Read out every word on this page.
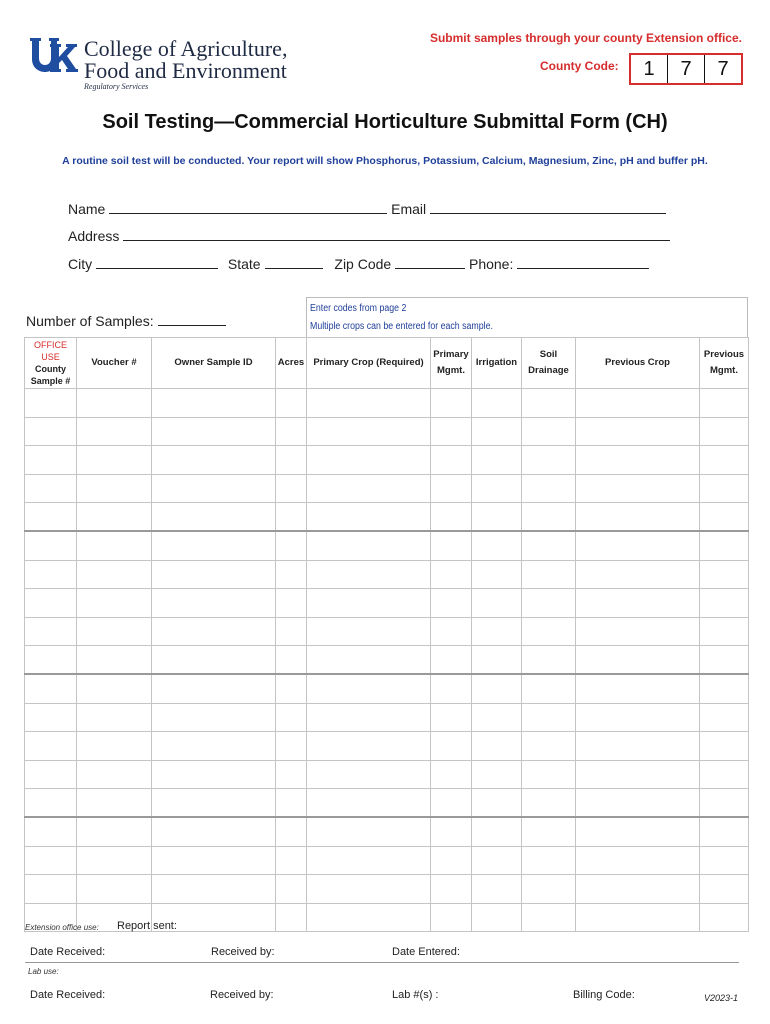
College of Agriculture,
Food and Environment
Regulatory Services
Submit samples through your county Extension office.
County Code:	1	7	7
Soil Testing—Commercial Horticulture Submittal Form (CH)
A routine soil test will be conducted. Your report will show Phosphorus, Potassium, Calcium, Magnesium, Zinc, pH and buffer pH.
Name	Email
Address
City	State	Zip Code	Phone:
Number of Samples:
Enter codes from page 2
Multiple crops can be entered for each sample.
OFFICE USE
County Sample #	Voucher #	Owner Sample ID	Acres	Primary Crop (Required)	Primary Mgmt.	Irrigation	Soil Drainage	Previous Crop	Previous Mgmt.

Extension office use: Report sent:
Date Received:	Received by:	Date Entered:
Lab use:
Date Received:	Received by:	Lab #(s) :	Billing Code:	V2023-1
